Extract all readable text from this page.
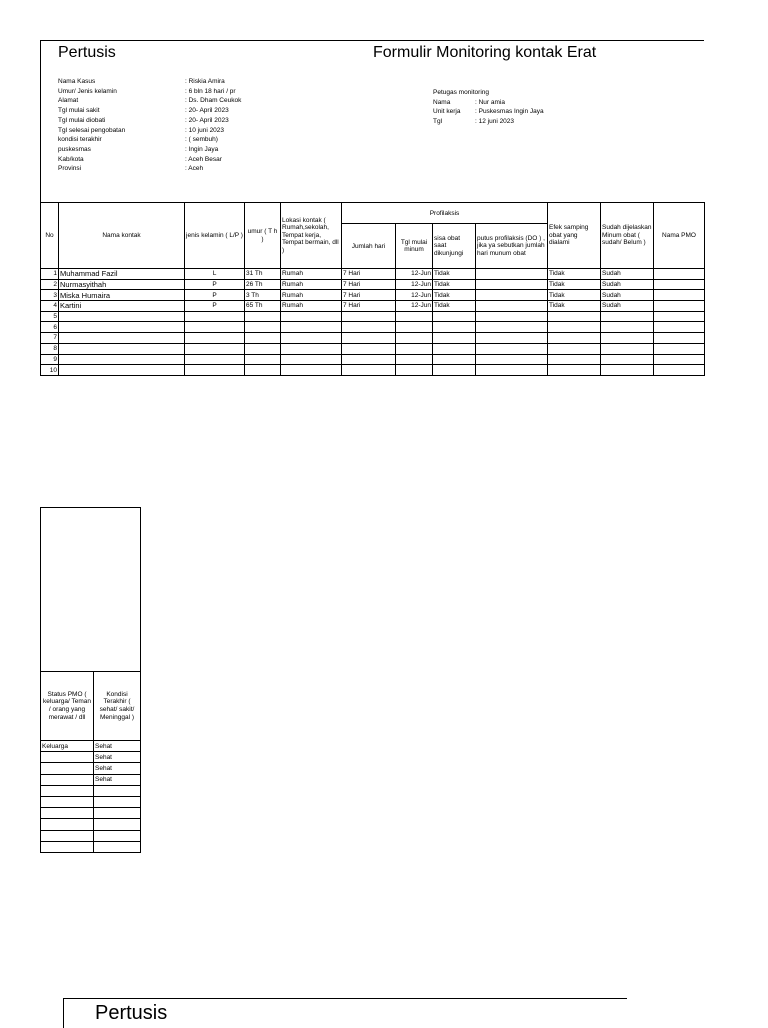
Pertusis	Formulir Monitoring kontak Erat
Nama Kasus	: Riskia Amira
Umur/ Jenis kelamin	: 6 bln 18 hari / pr
Alamat	: Ds. Dham Ceukok
Tgl mulai sakit	: 20- April 2023
Tgl mulai diobati	: 20- April 2023
Tgl selesai pengobatan	: 10 juni 2023
kondisi terakhir	: ( sembuh)
puskesmas	: Ingin Jaya
Kab/kota	: Aceh Besar
Provinsi	: Aceh
Petugas monitoring
Nama	: Nur amia
Unit kerja	: Puskesmas Ingin Jaya
Tgl	: 12 juni 2023
No	Nama kontak	jenis kelamin ( L/P )	umur ( T h )	Lokasi kontak ( Rumah,sekolah, Tempat kerja, Tempat bermain, dll )	Profilaksis				Efek samping obat yang dialami	Sudah dijelaskan Minum obat ( sudah/ Belum )	Nama PMO
					Jumlah hari	Tgl mulai minum	sisa obat saat dikunjungi	putus profilaksis (DO ) , jika ya sebutkan jumlah hari munum obat			
1	Muhammad Fazil	L	31 Th	Rumah	7 Hari	12-Jun	Tidak		Tidak	Sudah	
2	Nurmasyithah	P	26 Th	Rumah	7 Hari	12-Jun	Tidak		Tidak	Sudah	
3	Miska Humaira	P	3 Th	Rumah	7 Hari	12-Jun	Tidak		Tidak	Sudah	
4	Kartini	P	65 Th	Rumah	7 Hari	12-Jun	Tidak		Tidak	Sudah	
5											
6											
7											
8											
9											
10											

Status PMO ( keluarga/ Teman / orang yang merawat / dll	Kondisi Terakhir ( sehat/ sakit/ Meninggal )
Keluarga	Sehat
	Sehat
	Sehat
	Sehat

Pertusis
